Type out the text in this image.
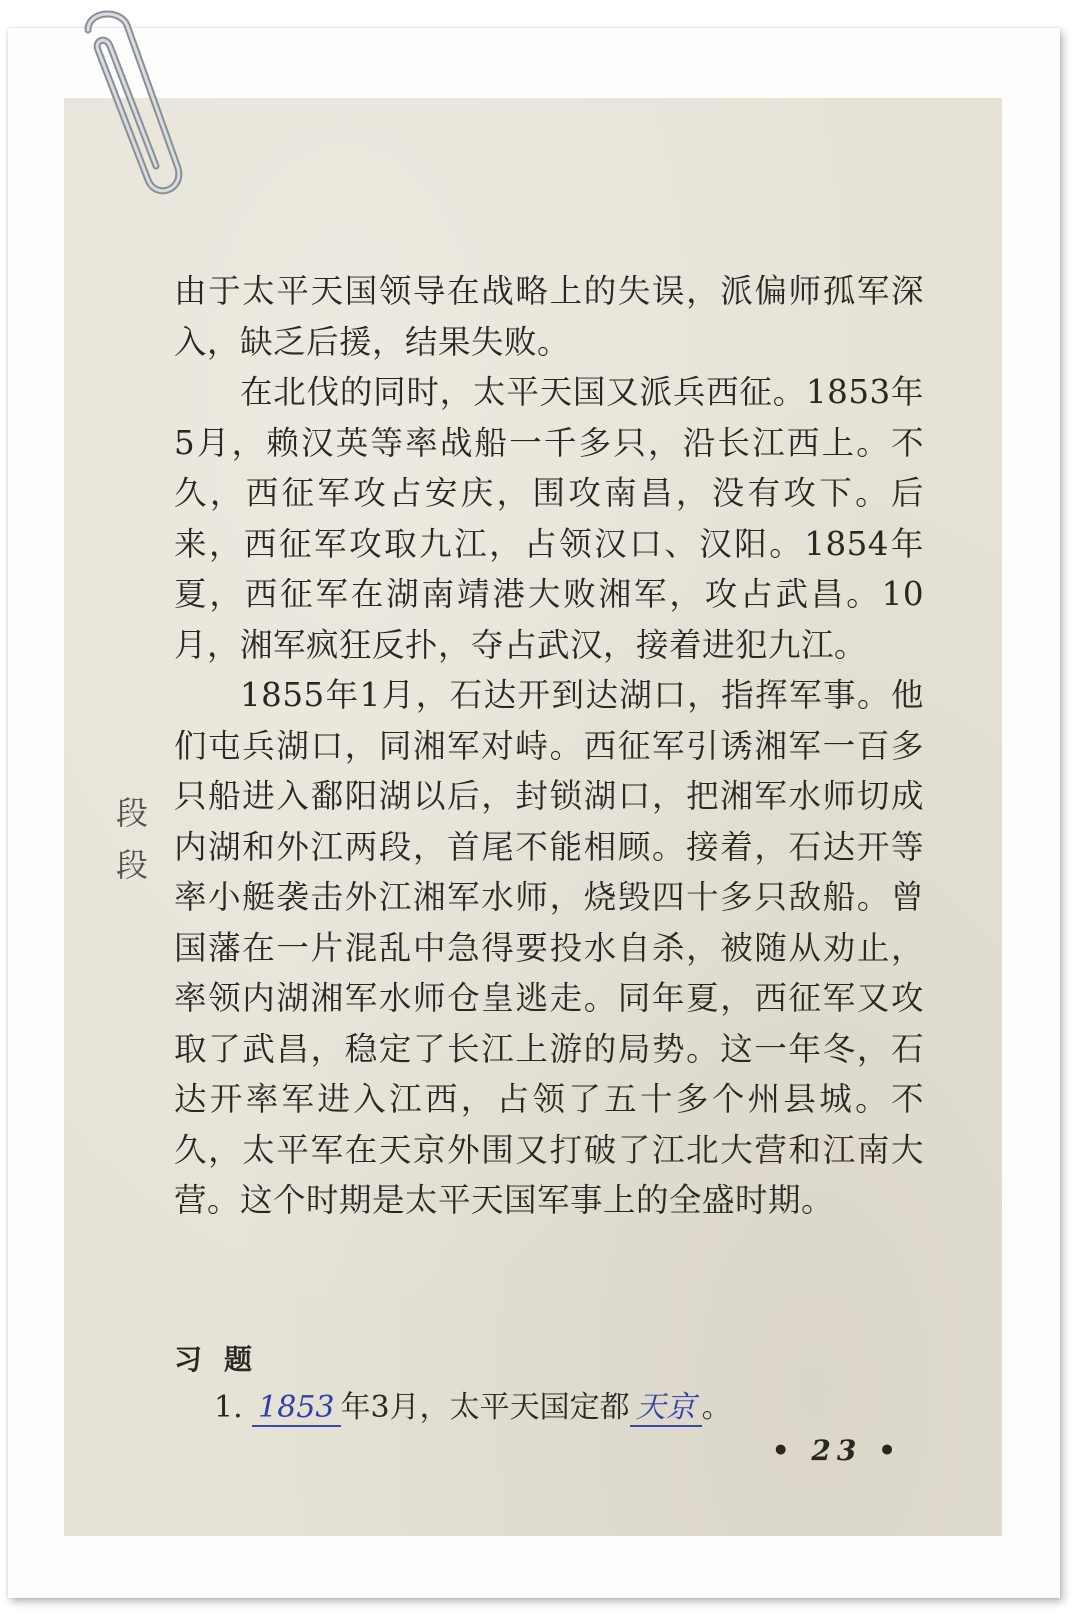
由于太平天国领导在战略上的失误，派偏师孤军深入，缺乏后援，结果失败。

在北伐的同时，太平天国又派兵西征。1853年5月，赖汉英等率战船一千多只，沿长江西上。不久，西征军攻占安庆，围攻南昌，没有攻下。后来，西征军攻取九江，占领汉口、汉阳。1854年夏，西征军在湖南靖港大败湘军，攻占武昌。10月，湘军疯狂反扑，夺占武汉，接着进犯九江。

1855年1月，石达开到达湖口，指挥军事。他们屯兵湖口，同湘军对峙。西征军引诱湘军一百多只船进入鄱阳湖以后，封锁湖口，把湘军水师切成内湖和外江两段，首尾不能相顾。接着，石达开等率小艇袭击外江湘军水师，烧毁四十多只敌船。曾国藩在一片混乱中急得要投水自杀，被随从劝止，率领内湖湘军水师仓皇逃走。同年夏，西征军又攻取了武昌，稳定了长江上游的局势。这一年冬，石达开率军进入江西，占领了五十多个州县城。不久，太平军在天京外围又打破了江北大营和江南大营。这个时期是太平天国军事上的全盛时期。

段
段
习题
1. 1853 年3月，太平天国定都 天京 。
• 23 •
